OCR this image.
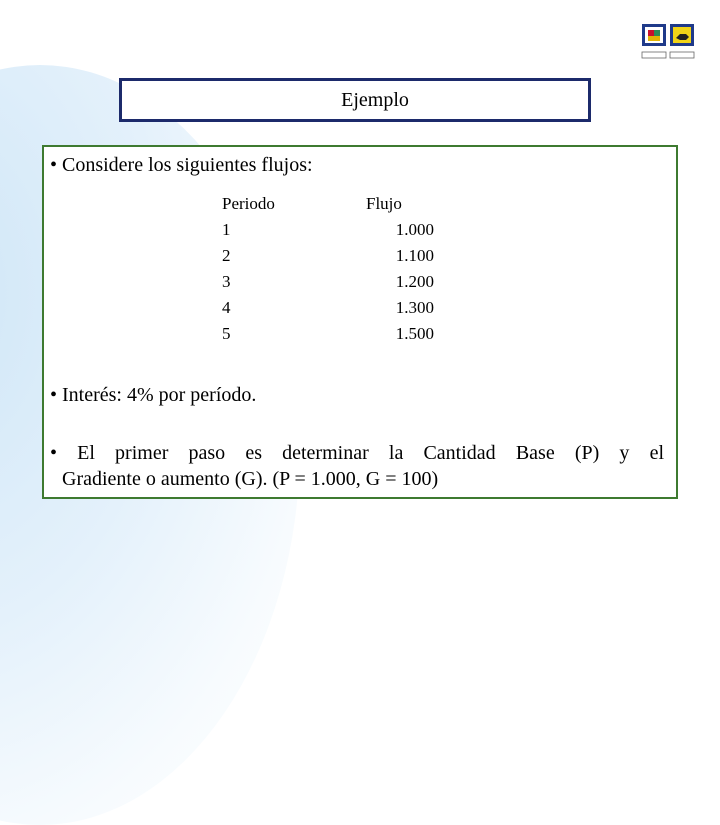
Ejemplo
• Considere los siguientes flujos:
Periodo
1
2
3
4
5
Flujo
1.000
1.100
1.200
1.300
1.500
• Interés: 4% por período.
• El primer paso es determinar la Cantidad Base (P) y el
Gradiente o aumento (G). (P = 1.000, G = 100)
